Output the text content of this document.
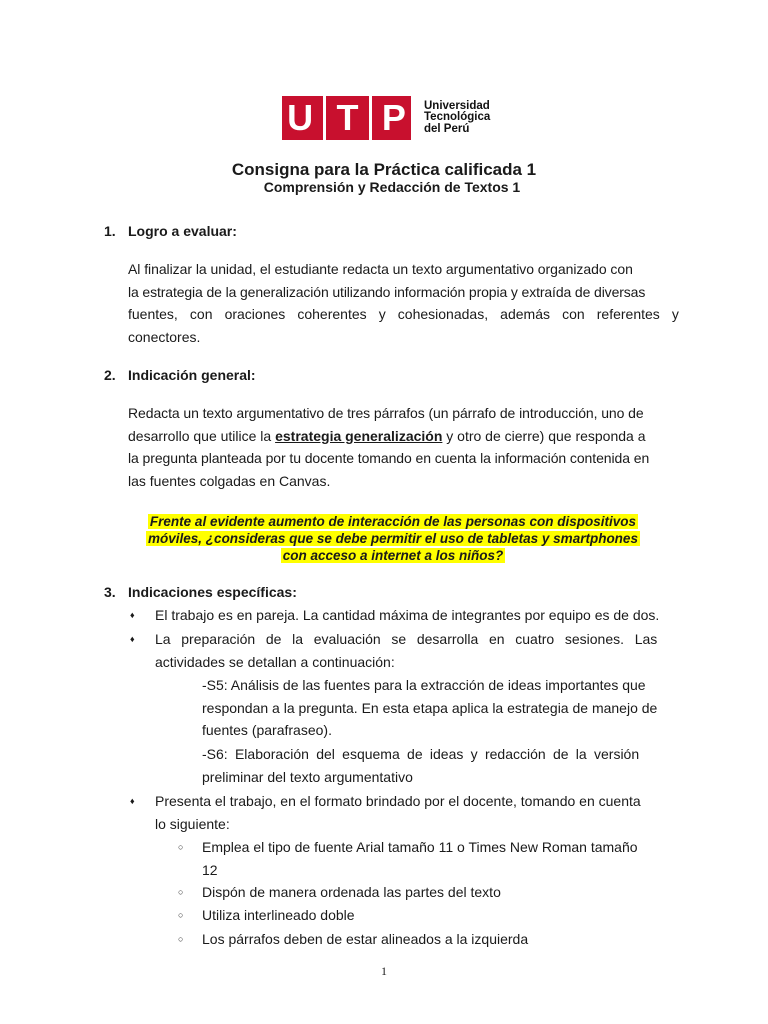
U T P Universidad
Tecnológica
del Perú
Consigna para la Práctica calificada 1
Comprensión y Redacción de Textos 1
1. Logro a evaluar:
Al finalizar la unidad, el estudiante redacta un texto argumentativo organizado con
la estrategia de la generalización utilizando información propia y extraída de diversas
fuentes, con oraciones coherentes y cohesionadas, además con referentes y
conectores.
2. Indicación general:
Redacta un texto argumentativo de tres párrafos (un párrafo de introducción, uno de
desarrollo que utilice la estrategia generalización y otro de cierre) que responda a
la pregunta planteada por tu docente tomando en cuenta la información contenida en
las fuentes colgadas en Canvas.
Frente al evidente aumento de interacción de las personas con dispositivos
móviles, ¿consideras que se debe permitir el uso de tabletas y smartphones
con acceso a internet a los niños?
3. Indicaciones específicas:
♦ El trabajo es en pareja. La cantidad máxima de integrantes por equipo es de dos.
♦ La preparación de la evaluación se desarrolla en cuatro sesiones. Las
actividades se detallan a continuación:
-S5: Análisis de las fuentes para la extracción de ideas importantes que
respondan a la pregunta. En esta etapa aplica la estrategia de manejo de
fuentes (parafraseo).
-S6: Elaboración del esquema de ideas y redacción de la versión
preliminar del texto argumentativo
♦ Presenta el trabajo, en el formato brindado por el docente, tomando en cuenta
lo siguiente:
○ Emplea el tipo de fuente Arial tamaño 11 o Times New Roman tamaño
12
○ Dispón de manera ordenada las partes del texto
○ Utiliza interlineado doble
○ Los párrafos deben de estar alineados a la izquierda
1
